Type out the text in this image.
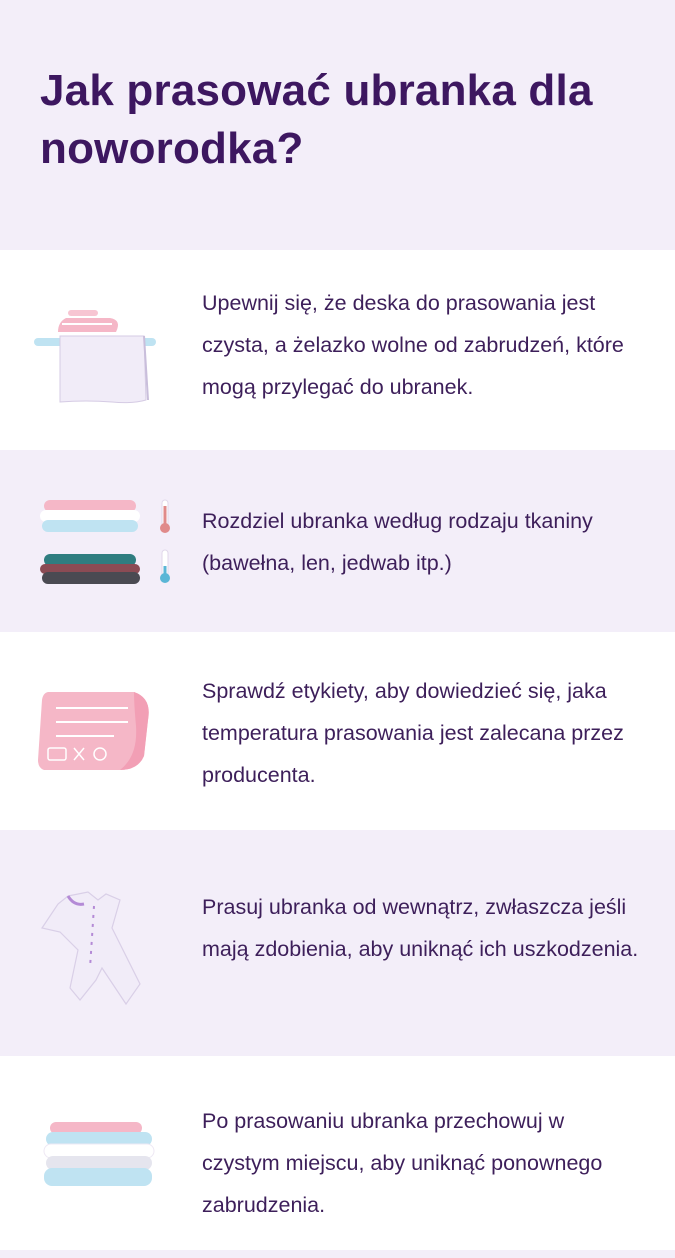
Jak prasować ubranka dla noworodka?

Upewnij się, że deska do prasowania jest czysta, a żelazko wolne od zabrudzeń, które mogą przylegać do ubranek.

Rozdziel ubranka według rodzaju tkaniny (bawełna, len, jedwab itp.)

Sprawdź etykiety, aby dowiedzieć się, jaka temperatura prasowania jest zalecana przez producenta.

Prasuj ubranka od wewnątrz, zwłaszcza jeśli mają zdobienia, aby uniknąć ich uszkodzenia.

Po prasowaniu ubranka przechowuj w czystym miejscu, aby uniknąć ponownego zabrudzenia.
